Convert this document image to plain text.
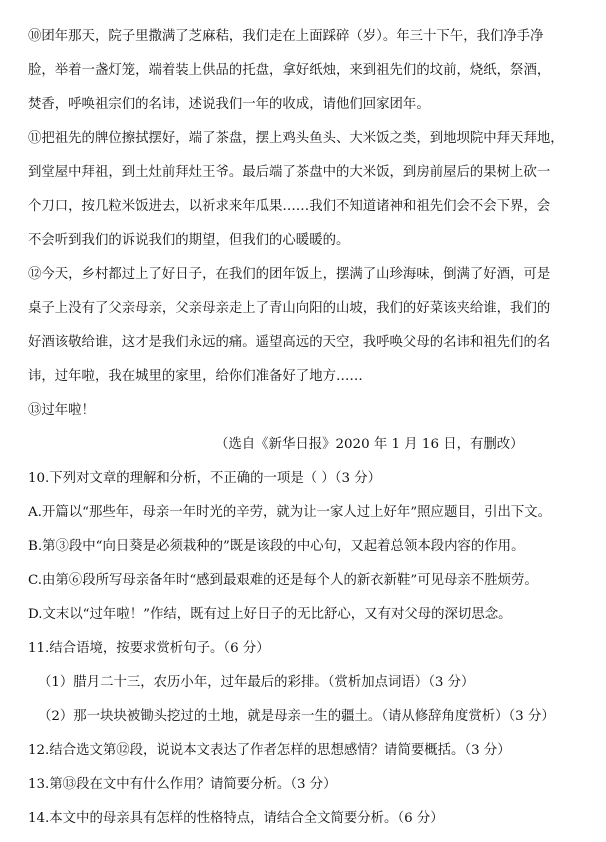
⑩团年那天，院子里撒满了芝麻秸，我们走在上面踩碎（岁）。年三十下午，我们净手净
脸，举着一盏灯笼，端着装上供品的托盘，拿好纸烛，来到祖先们的坟前，烧纸，祭酒，
焚香，呼唤祖宗们的名讳，述说我们一年的收成，请他们回家团年。
⑪把祖先的牌位擦拭摆好，端了茶盘，摆上鸡头鱼头、大米饭之类，到地坝院中拜天拜地，
到堂屋中拜祖，到土灶前拜灶王爷。最后端了茶盘中的大米饭，到房前屋后的果树上砍一
个刀口，按几粒米饭进去，以祈求来年瓜果……我们不知道诸神和祖先们会不会下界，会
不会听到我们的诉说我们的期望，但我们的心暖暖的。
⑫今天，乡村都过上了好日子，在我们的团年饭上，摆满了山珍海味，倒满了好酒，可是
桌子上没有了父亲母亲，父亲母亲走上了青山向阳的山坡，我们的好菜该夹给谁，我们的
好酒该敬给谁，这才是我们永远的痛。遥望高远的天空，我呼唤父母的名讳和祖先们的名
讳，过年啦，我在城里的家里，给你们准备好了地方……
⑬过年啦！
（选自《新华日报》2020 年 1 月 16 日，有删改）
10.下列对文章的理解和分析，不正确的一项是（ ）（3 分）
A.开篇以“那些年，母亲一年时光的辛劳，就为让一家人过上好年”照应题目，引出下文。
B.第③段中“向日葵是必须栽种的”既是该段的中心句，又起着总领本段内容的作用。
C.由第⑥段所写母亲备年时“感到最艰难的还是每个人的新衣新鞋”可见母亲不胜烦劳。
D.文末以“过年啦！”作结，既有过上好日子的无比舒心，又有对父母的深切思念。
11.结合语境，按要求赏析句子。（6 分）
（1）腊月二十三，农历小年，过年最后的彩排。（赏析加点词语）（3 分）
（2）那一块块被锄头挖过的土地，就是母亲一生的疆土。（请从修辞角度赏析）（3 分）
12.结合选文第⑫段，说说本文表达了作者怎样的思想感情？请简要概括。（3 分）
13.第⑬段在文中有什么作用？请简要分析。（3 分）
14.本文中的母亲具有怎样的性格特点，请结合全文简要分析。（6 分）
